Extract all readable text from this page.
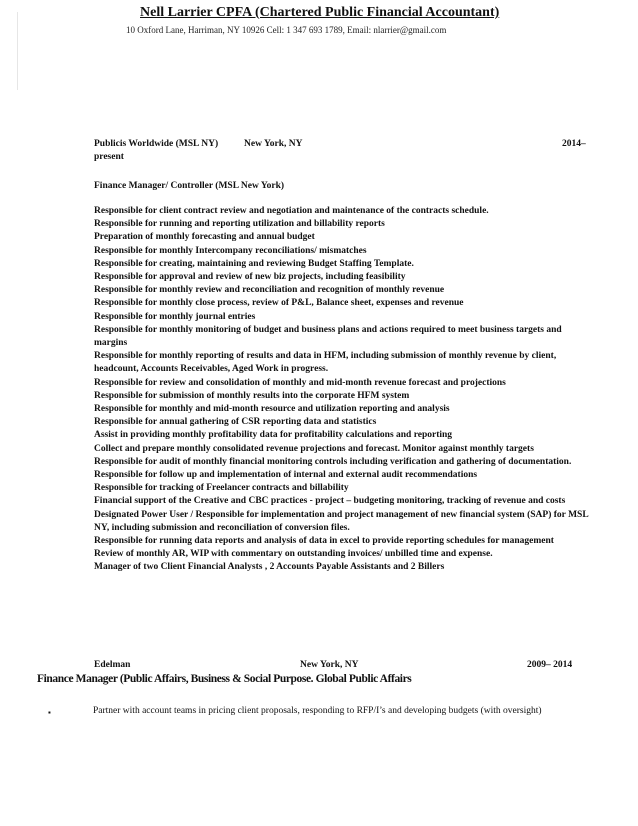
Nell Larrier CPFA (Chartered Public Financial Accountant)
10 Oxford Lane, Harriman, NY 10926 Cell: 1 347 693 1789, Email: nlarrier@gmail.com
Publicis Worldwide (MSL NY)	New York, NY	2014–
present
Finance Manager/ Controller (MSL New York)
Responsible for client contract review and negotiation and maintenance of the contracts schedule.
Responsible for running and reporting utilization and billability reports
Preparation of monthly forecasting and annual budget
Responsible for monthly Intercompany reconciliations/ mismatches
Responsible for creating, maintaining and reviewing Budget Staffing Template.
Responsible for approval and review of new biz projects, including feasibility
Responsible for monthly review and reconciliation and recognition of monthly revenue
Responsible for monthly close process, review of P&L, Balance sheet, expenses and revenue
Responsible for monthly journal entries
Responsible for monthly monitoring of budget and business plans and actions required to meet business targets and margins
Responsible for monthly reporting of results and data in HFM, including submission of monthly revenue by client, headcount, Accounts Receivables, Aged Work in progress.
Responsible for review and consolidation of monthly and mid-month revenue forecast and projections
Responsible for submission of monthly results into the corporate HFM system
Responsible for monthly and mid-month resource and utilization reporting and analysis
Responsible for annual gathering of CSR reporting data and statistics
Assist in providing monthly profitability data for profitability calculations and reporting
Collect and prepare monthly consolidated revenue projections and forecast. Monitor against monthly targets
Responsible for audit of monthly financial monitoring controls including verification and gathering of documentation.
Responsible for follow up and implementation of internal and external audit recommendations
Responsible for tracking of Freelancer contracts and billability
Financial support of the Creative and CBC practices - project – budgeting monitoring, tracking of revenue and costs
Designated Power User / Responsible for implementation and project management of new financial system (SAP) for MSL NY, including submission and reconciliation of conversion files.
Responsible for running data reports and analysis of data in excel to provide reporting schedules for management
Review of monthly AR, WIP with commentary on outstanding invoices/ unbilled time and expense.
Manager of two Client Financial Analysts , 2 Accounts Payable Assistants and 2 Billers
Edelman	New York, NY	2009– 2014
Finance Manager (Public Affairs, Business & Social Purpose. Global Public Affairs
▪	Partner with account teams in pricing client proposals, responding to RFP/I’s and developing budgets (with oversight)
